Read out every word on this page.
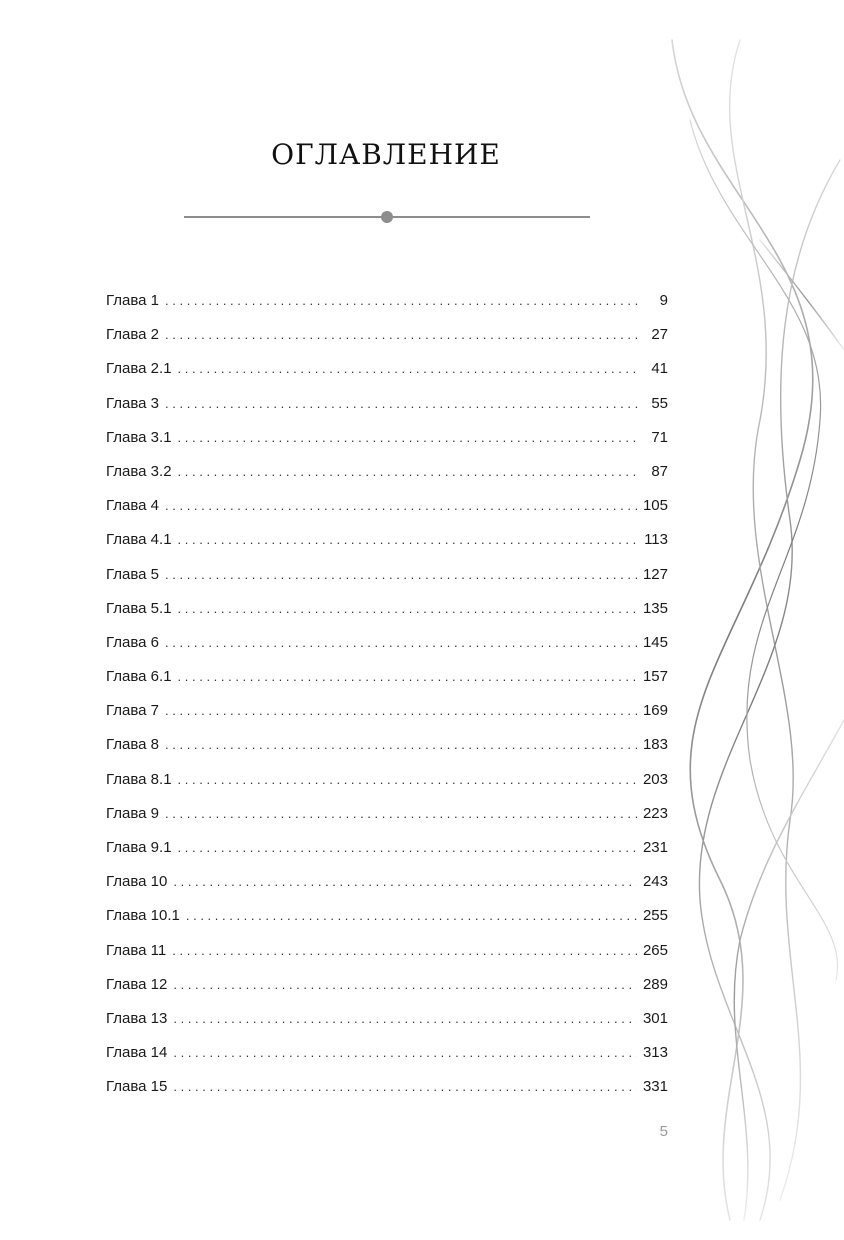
ОГЛАВЛЕНИЕ
Глава 1 . . .	9
Глава 2 . . .	27
Глава 2.1 . . .	41
Глава 3 . . .	55
Глава 3.1 . . .	71
Глава 3.2 . . .	87
Глава 4 . . .	105
Глава 4.1 . . .	113
Глава 5 . . .	127
Глава 5.1 . . .	135
Глава 6 . . .	145
Глава 6.1 . . .	157
Глава 7 . . .	169
Глава 8 . . .	183
Глава 8.1 . . .	203
Глава 9 . . .	223
Глава 9.1 . . .	231
Глава 10 . . .	243
Глава 10.1 . . .	255
Глава 11 . . .	265
Глава 12 . . .	289
Глава 13 . . .	301
Глава 14 . . .	313
Глава 15 . . .	331
5
